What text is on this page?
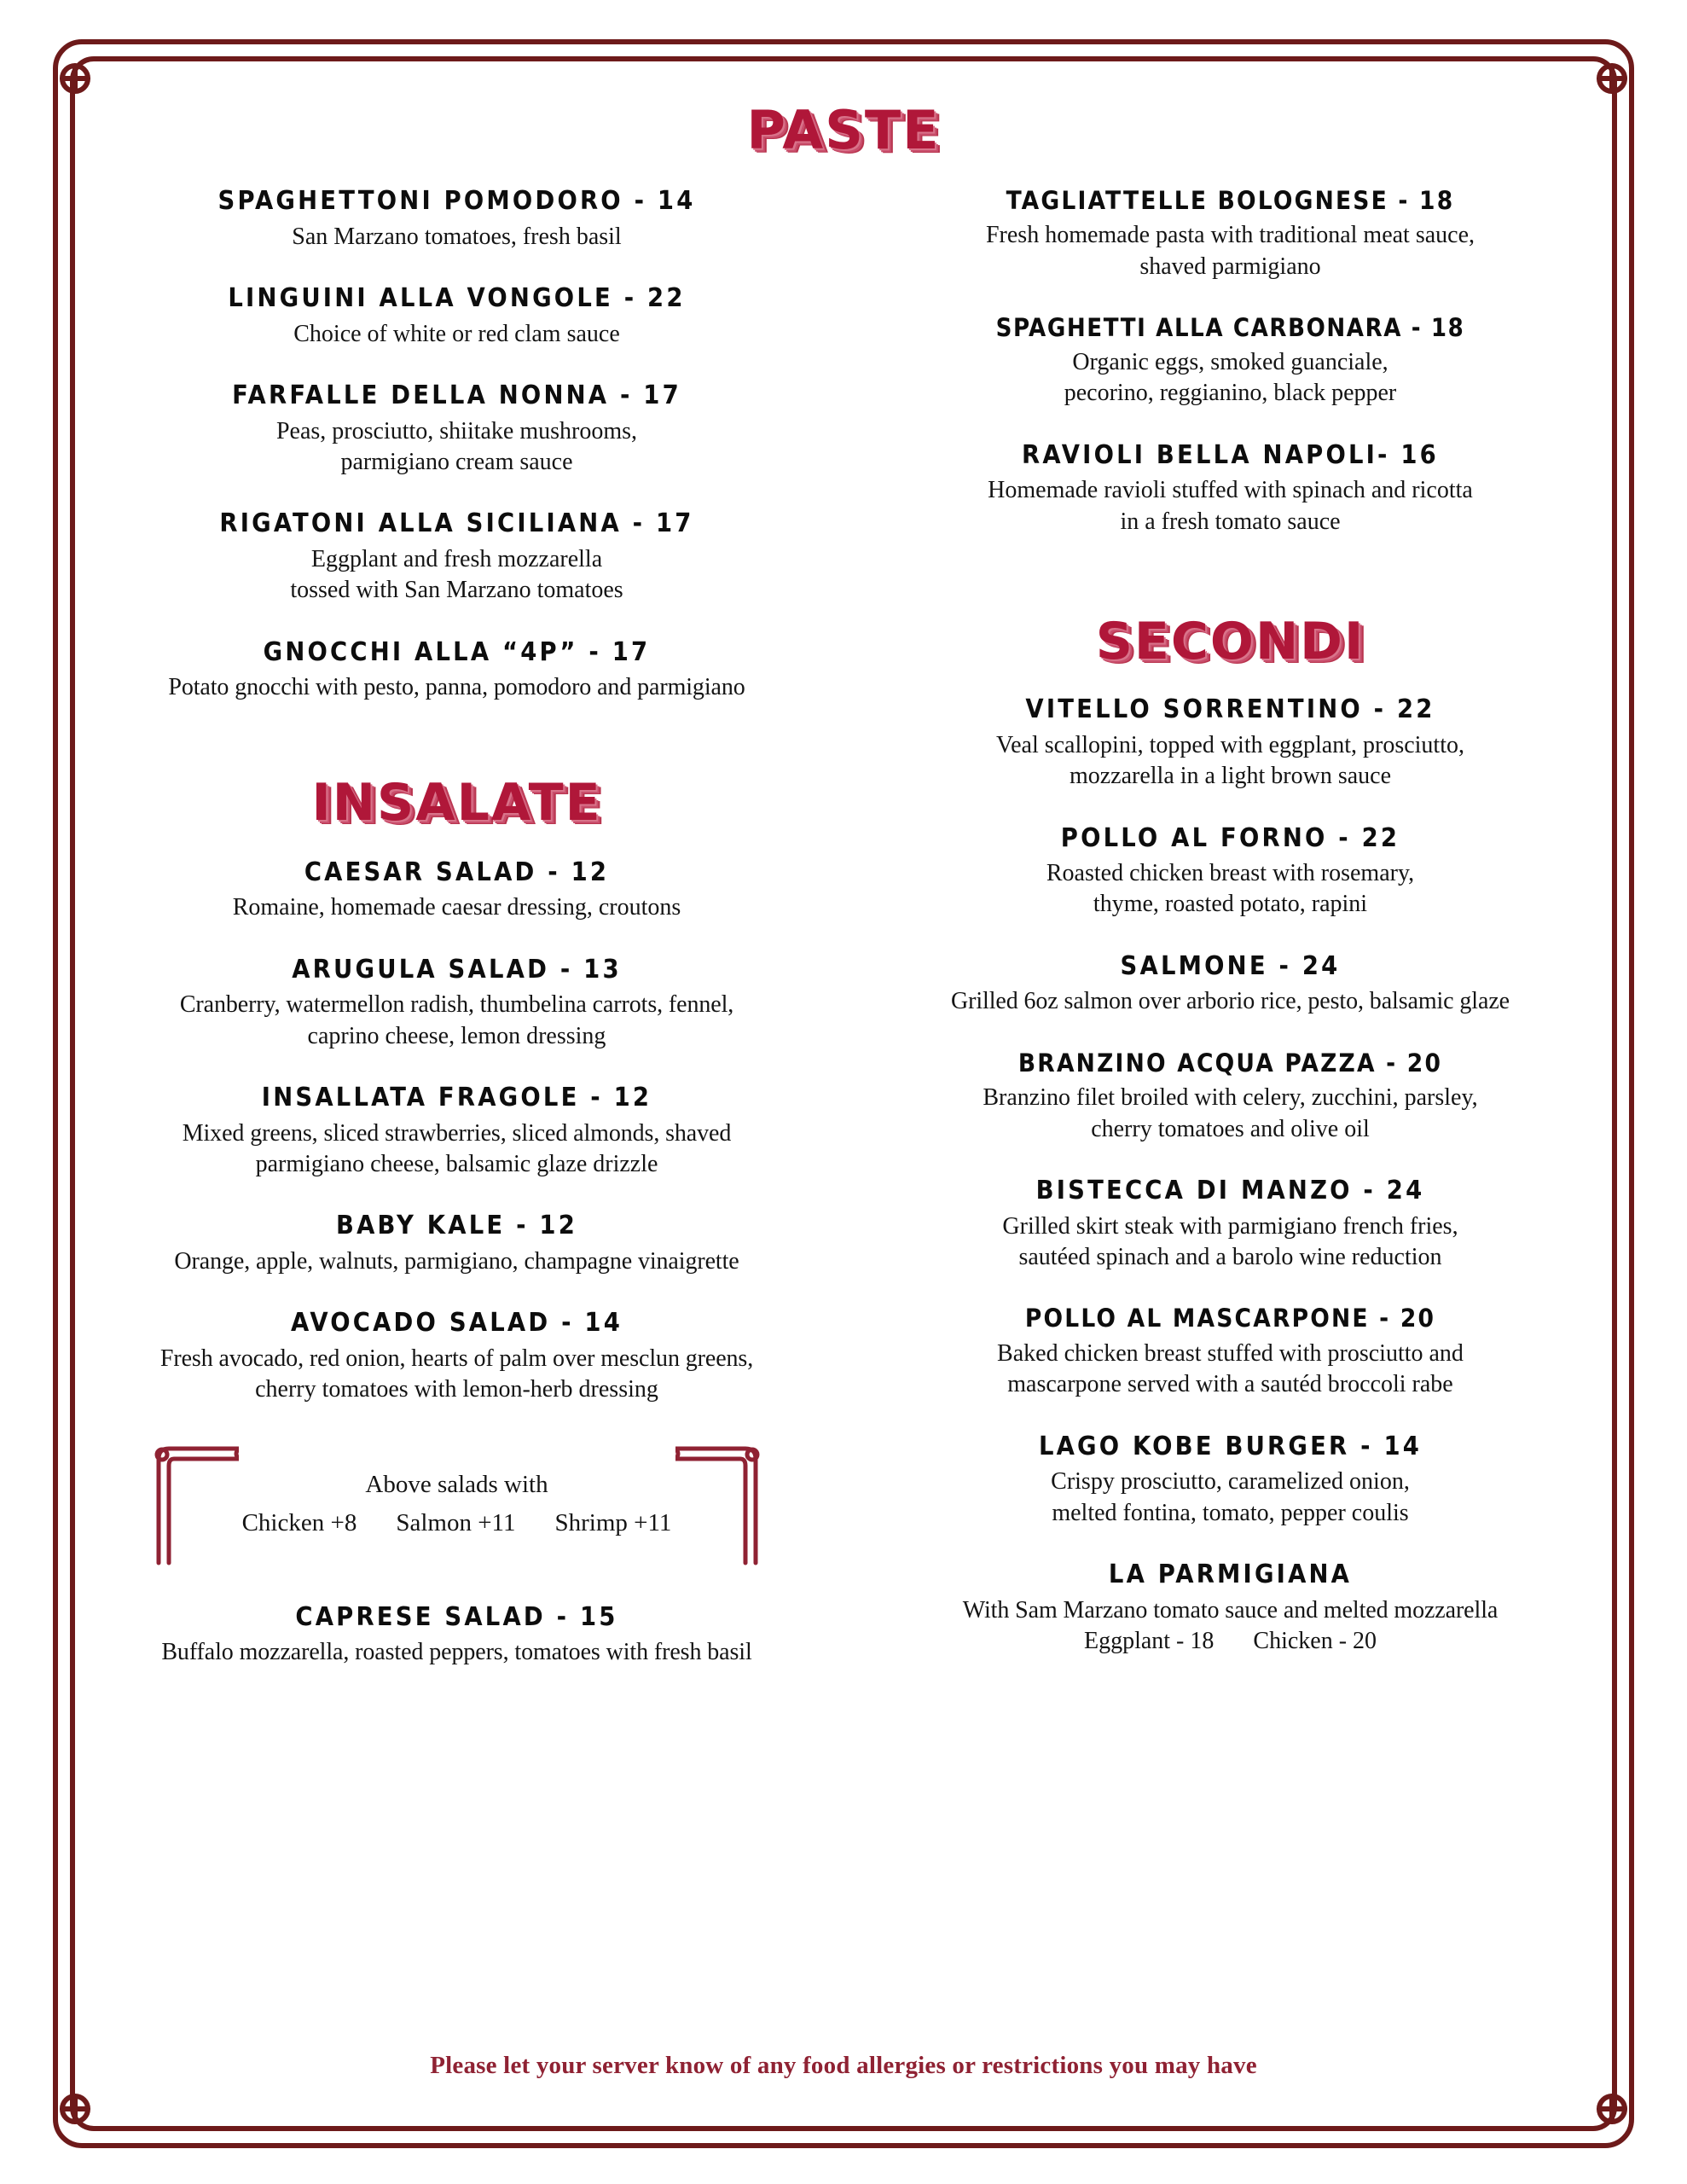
PASTE
SPAGHETTONI POMODORO - 14
San Marzano tomatoes, fresh basil
LINGUINI ALLA VONGOLE - 22
Choice of white or red clam sauce
FARFALLE DELLA NONNA - 17
Peas, prosciutto, shiitake mushrooms,
parmigiano cream sauce
RIGATONI ALLA SICILIANA - 17
Eggplant and fresh mozzarella
tossed with San Marzano tomatoes
GNOCCHI ALLA “4P” - 17
Potato gnocchi with pesto, panna, pomodoro and parmigiano
INSALATE
CAESAR SALAD - 12
Romaine, homemade caesar dressing, croutons
ARUGULA SALAD - 13
Cranberry, watermellon radish, thumbelina carrots, fennel,
caprino cheese, lemon dressing
INSALLATA FRAGOLE - 12
Mixed greens, sliced strawberries, sliced almonds, shaved
parmigiano cheese, balsamic glaze drizzle
BABY KALE - 12
Orange, apple, walnuts, parmigiano, champagne vinaigrette
AVOCADO SALAD - 14
Fresh avocado, red onion, hearts of palm over mesclun greens,
cherry tomatoes with lemon-herb dressing
Above salads with
Chicken +8 Salmon +11 Shrimp +11
CAPRESE SALAD - 15
Buffalo mozzarella, roasted peppers, tomatoes with fresh basil
TAGLIATTELLE BOLOGNESE - 18
Fresh homemade pasta with traditional meat sauce,
shaved parmigiano
SPAGHETTI ALLA CARBONARA - 18
Organic eggs, smoked guanciale,
pecorino, reggianino, black pepper
RAVIOLI BELLA NAPOLI- 16
Homemade ravioli stuffed with spinach and ricotta
in a fresh tomato sauce
SECONDI
VITELLO SORRENTINO - 22
Veal scallopini, topped with eggplant, prosciutto,
mozzarella in a light brown sauce
POLLO AL FORNO - 22
Roasted chicken breast with rosemary,
thyme, roasted potato, rapini
SALMONE - 24
Grilled 6oz salmon over arborio rice, pesto, balsamic glaze
BRANZINO ACQUA PAZZA - 20
Branzino filet broiled with celery, zucchini, parsley,
cherry tomatoes and olive oil
BISTECCA DI MANZO - 24
Grilled skirt steak with parmigiano french fries,
sautéed spinach and a barolo wine reduction
POLLO AL MASCARPONE - 20
Baked chicken breast stuffed with prosciutto and
mascarpone served with a sautéd broccoli rabe
LAGO KOBE BURGER - 14
Crispy prosciutto, caramelized onion,
melted fontina, tomato, pepper coulis
LA PARMIGIANA
With Sam Marzano tomato sauce and melted mozzarella
Eggplant - 18 Chicken - 20
Please let your server know of any food allergies or restrictions you may have
